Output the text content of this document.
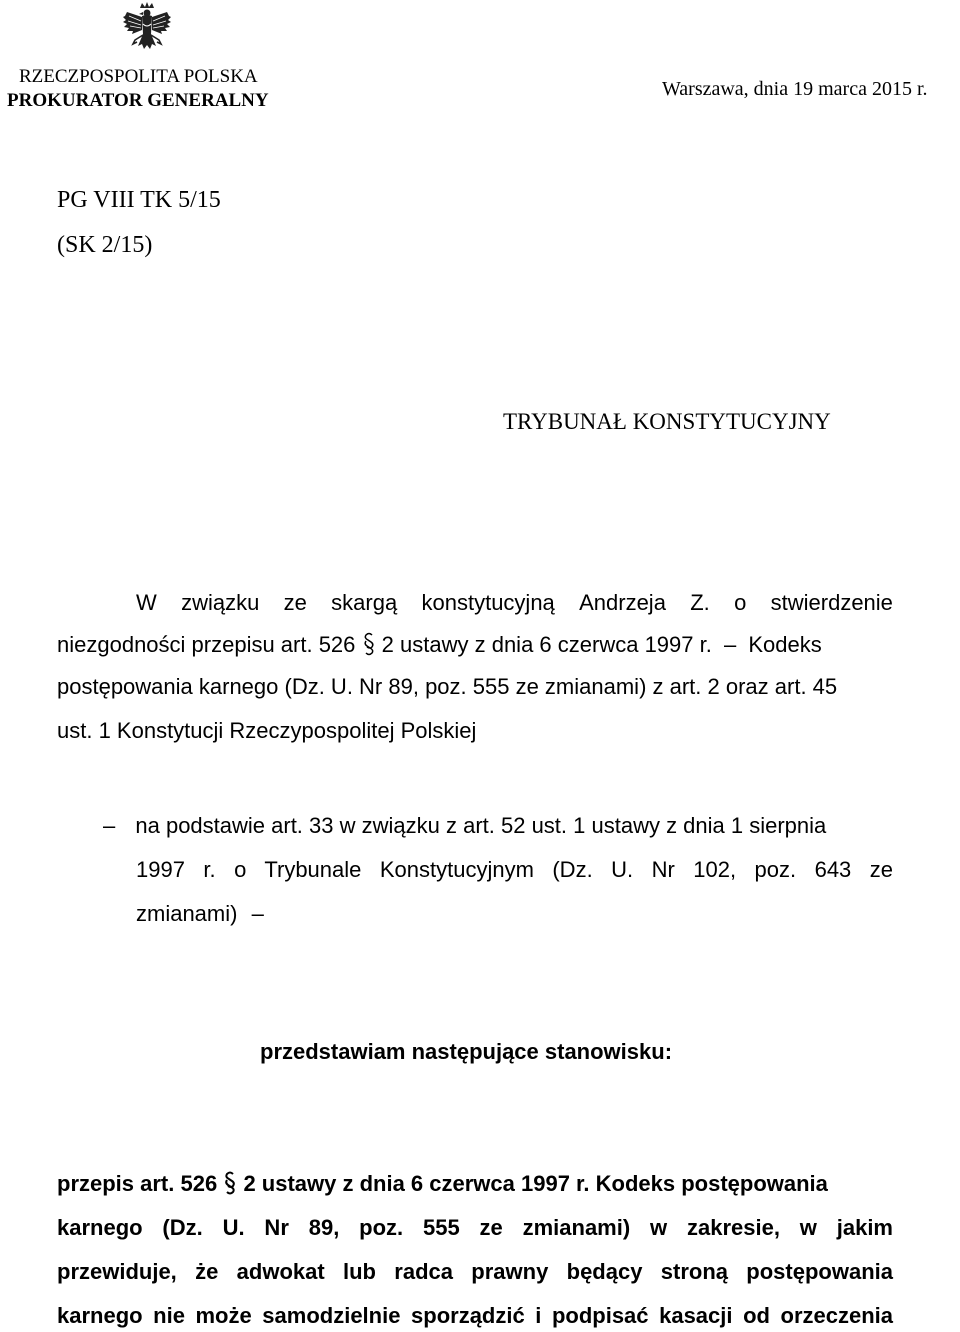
RZECZPOSPOLITA POLSKA
PROKURATOR GENERALNY
Warszawa, dnia 19 marca 2015 r.
PG VIII TK 5/15
(SK 2/15)
TRYBUNAŁ KONSTYTUCYJNY
W związku ze skargą konstytucyjną Andrzeja Z. o stwierdzenie
niezgodności przepisu art. 526 2 ustawy z dnia 6 czerwca 1997 r. – Kodeks
postępowania karnego (Dz. U. Nr 89, poz. 555 ze zmianami) z art. 2 oraz art. 45
ust. 1 Konstytucji Rzeczypospolitej Polskiej
– na podstawie art. 33 w związku z art. 52 ust. 1 ustawy z dnia 1 sierpnia
1997 r. o Trybunale Konstytucyjnym (Dz. U. Nr 102, poz. 643 ze
zmianami) –
przedstawiam następujące stanowisku:
przepis art. 526 2 ustawy z dnia 6 czerwca 1997 r. Kodeks postępowania
karnego (Dz. U. Nr 89, poz. 555 ze zmianami) w zakresie, w jakim
przewiduje, że adwokat lub radca prawny będący stroną postępowania
karnego nie może samodzielnie sporządzić i podpisać kasacji od orzeczenia
